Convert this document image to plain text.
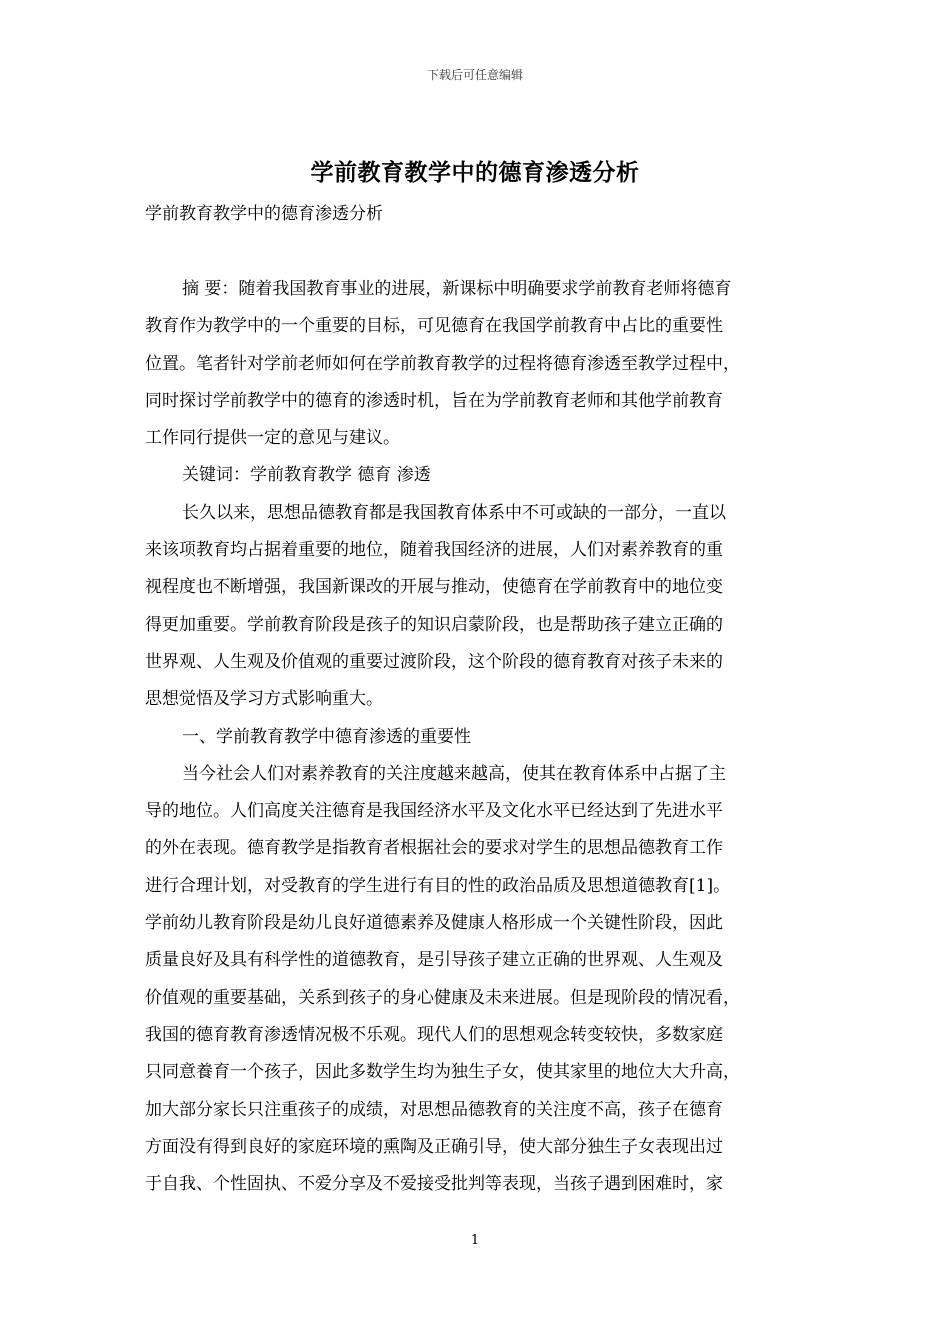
下载后可任意编辑
学前教育教学中的德育渗透分析
学前教育教学中的德育渗透分析

摘 要：随着我国教育事业的进展，新课标中明确要求学前教育老师将德育

教育作为教学中的一个重要的目标，可见德育在我国学前教育中占比的重要性

位置。笔者针对学前老师如何在学前教育教学的过程将德育渗透至教学过程中，

同时探讨学前教学中的德育的渗透时机，旨在为学前教育老师和其他学前教育

工作同行提供一定的意见与建议。

关键词：学前教育教学 德育 渗透

长久以来，思想品德教育都是我国教育体系中不可或缺的一部分，一直以

来该项教育均占据着重要的地位，随着我国经济的进展，人们对素养教育的重

视程度也不断增强，我国新课改的开展与推动，使德育在学前教育中的地位变

得更加重要。学前教育阶段是孩子的知识启蒙阶段，也是帮助孩子建立正确的

世界观、人生观及价值观的重要过渡阶段，这个阶段的德育教育对孩子未来的

思想觉悟及学习方式影响重大。

一、学前教育教学中德育渗透的重要性

当今社会人们对素养教育的关注度越来越高，使其在教育体系中占据了主

导的地位。人们高度关注德育是我国经济水平及文化水平已经达到了先进水平

的外在表现。德育教学是指教育者根据社会的要求对学生的思想品德教育工作

进行合理计划，对受教育的学生进行有目的性的政治品质及思想道德教育[1]。

学前幼儿教育阶段是幼儿良好道德素养及健康人格形成一个关键性阶段，因此

质量良好及具有科学性的道德教育，是引导孩子建立正确的世界观、人生观及

价值观的重要基础，关系到孩子的身心健康及未来进展。但是现阶段的情况看，

我国的德育教育渗透情况极不乐观。现代人们的思想观念转变较快，多数家庭

只同意養育一个孩子，因此多数学生均为独生子女，使其家里的地位大大升高，

加大部分家长只注重孩子的成绩，对思想品德教育的关注度不高，孩子在德育

方面没有得到良好的家庭环境的熏陶及正确引导，使大部分独生子女表现出过

于自我、个性固执、不爱分享及不爱接受批判等表现，当孩子遇到困难时，家

1
